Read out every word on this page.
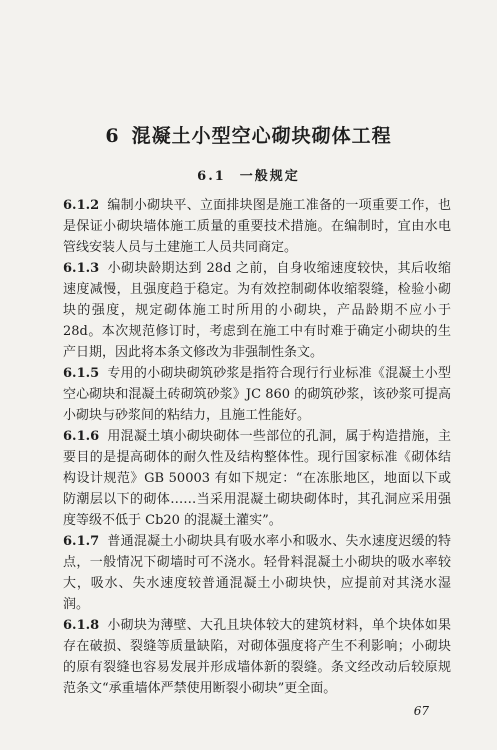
6 混凝土小型空心砌块砌体工程
6.1 一般规定

6.1.2 编制小砌块平、立面排块图是施工准备的一项重要工作，也是保证小砌块墙体施工质量的重要技术措施。在编制时，宜由水电管线安装人员与土建施工人员共同商定。

6.1.3 小砌块龄期达到 28d 之前，自身收缩速度较快，其后收缩速度减慢，且强度趋于稳定。为有效控制砌体收缩裂缝，检验小砌块的强度，规定砌体施工时所用的小砌块，产品龄期不应小于 28d。本次规范修订时，考虑到在施工中有时难于确定小砌块的生产日期，因此将本条文修改为非强制性条文。

6.1.5 专用的小砌块砌筑砂浆是指符合现行行业标准《混凝土小型空心砌块和混凝土砖砌筑砂浆》JC 860 的砌筑砂浆，该砂浆可提高小砌块与砂浆间的粘结力，且施工性能好。

6.1.6 用混凝土填小砌块砌体一些部位的孔洞，属于构造措施，主要目的是提高砌体的耐久性及结构整体性。现行国家标准《砌体结构设计规范》GB 50003 有如下规定：“在冻胀地区，地面以下或防潮层以下的砌体……当采用混凝土砌块砌体时，其孔洞应采用强度等级不低于 Cb20 的混凝土灌实”。

6.1.7 普通混凝土小砌块具有吸水率小和吸水、失水速度迟缓的特点，一般情况下砌墙时可不浇水。轻骨料混凝土小砌块的吸水率较大，吸水、失水速度较普通混凝土小砌块快，应提前对其浇水湿润。

6.1.8 小砌块为薄壁、大孔且块体较大的建筑材料，单个块体如果存在破损、裂缝等质量缺陷，对砌体强度将产生不利影响；小砌块的原有裂缝也容易发展并形成墙体新的裂缝。条文经改动后较原规范条文“承重墙体严禁使用断裂小砌块”更全面。

67
